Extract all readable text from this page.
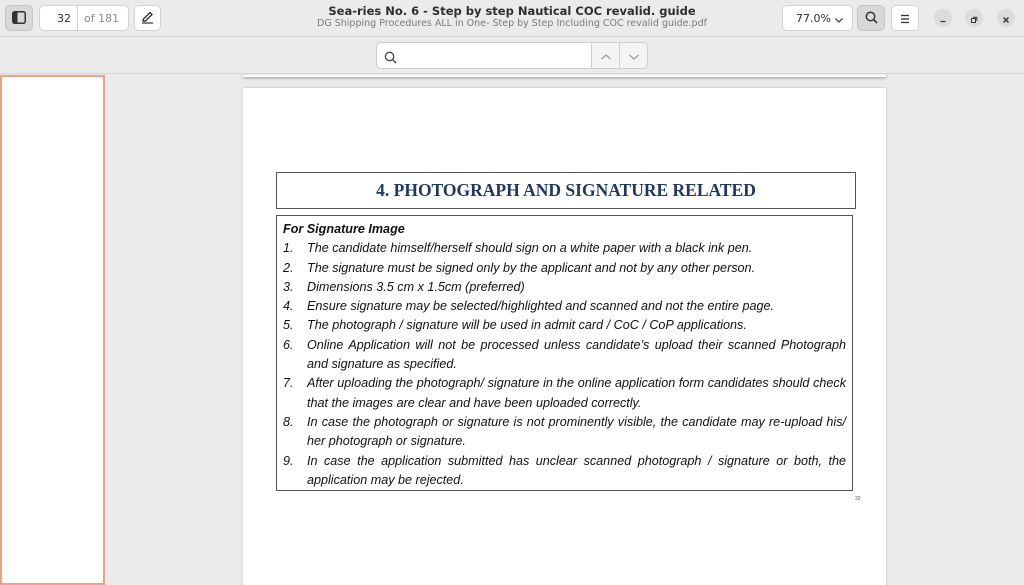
32
of 181	Sea-ries No. 6 - Step by step Nautical COC revalid. guide
DG Shipping Procedures ALL in One- Step by Step Including COC revalid guide.pdf	77.0%
4. PHOTOGRAPH AND SIGNATURE RELATED
For Signature Image
1.	The candidate himself/herself should sign on a white paper with a black ink pen.
2.	The signature must be signed only by the applicant and not by any other person.
3.	Dimensions 3.5 cm x 1.5cm (preferred)
4.	Ensure signature may be selected/highlighted and scanned and not the entire page.
5.	The photograph / signature will be used in admit card / CoC / CoP applications.
6.	Online Application will not be processed unless candidate’s upload their scanned Photograph and signature as specified.
7.	After uploading the photograph/ signature in the online application form candidates should check that the images are clear and have been uploaded correctly.
8.	In case the photograph or signature is not prominently visible, the candidate may re-upload his/ her photograph or signature.
9.	In case the application submitted has unclear scanned photograph / signature or both, the application may be rejected.
32
